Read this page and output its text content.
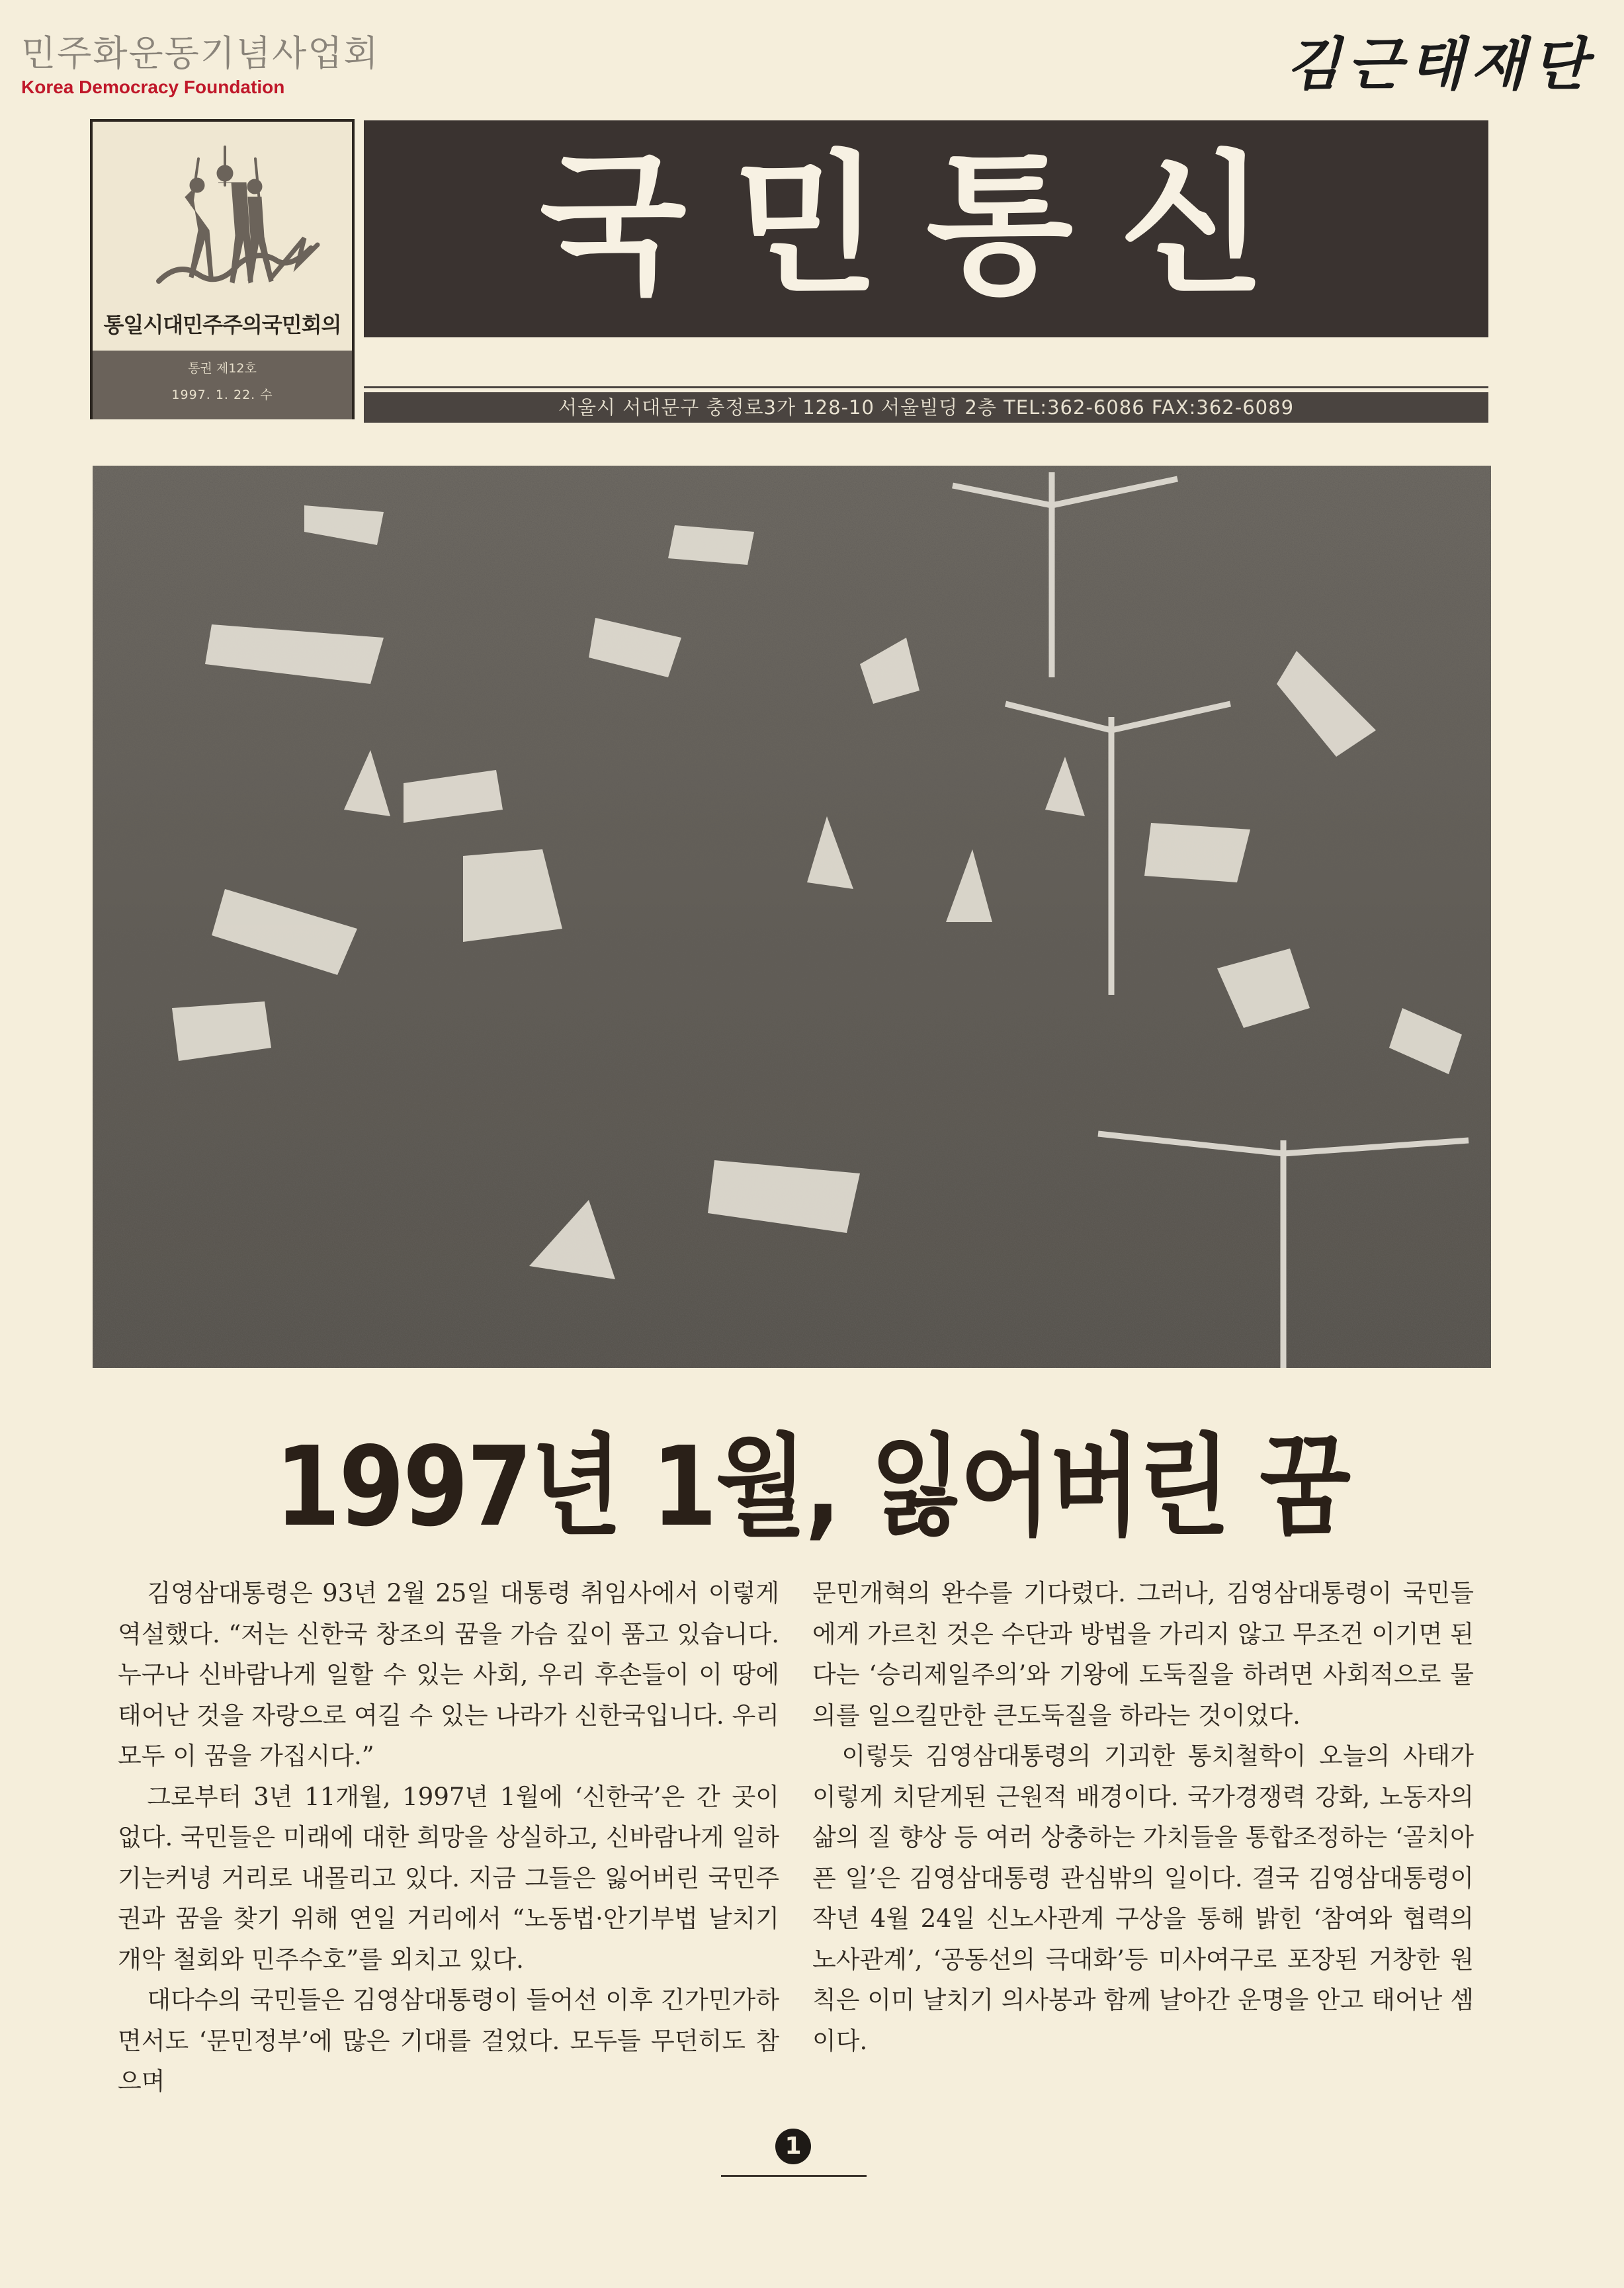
민주화운동기념사업회
Korea Democracy Foundation	김근태재단
통일시대민주주의국민회의
통권 제12호
1997. 1. 22. 수
국민통신
서울시 서대문구 충정로3가 128-10 서울빌딩 2층 TEL:362-6086 FAX:362-6089
1997년 1월, 잃어버린 꿈

김영삼대통령은 93년 2월 25일 대통령 취임사에서 이렇게 역설했다. “저는 신한국 창조의 꿈을 가슴 깊이 품고 있습니다. 누구나 신바람나게 일할 수 있는 사회, 우리 후손들이 이 땅에 태어난 것을 자랑으로 여길 수 있는 나라가 신한국입니다. 우리 모두 이 꿈을 가집시다.”

그로부터 3년 11개월, 1997년 1월에 ‘신한국’은 간 곳이 없다. 국민들은 미래에 대한 희망을 상실하고, 신바람나게 일하기는커녕 거리로 내몰리고 있다. 지금 그들은 잃어버린 국민주권과 꿈을 찾기 위해 연일 거리에서 “노동법·안기부법 날치기 개악 철회와 민주수호”를 외치고 있다.

대다수의 국민들은 김영삼대통령이 들어선 이후 긴가민가하면서도 ‘문민정부’에 많은 기대를 걸었다. 모두들 무던히도 참으며

문민개혁의 완수를 기다렸다. 그러나, 김영삼대통령이 국민들에게 가르친 것은 수단과 방법을 가리지 않고 무조건 이기면 된다는 ‘승리제일주의’와 기왕에 도둑질을 하려면 사회적으로 물의를 일으킬만한 큰도둑질을 하라는 것이었다.

이렇듯 김영삼대통령의 기괴한 통치철학이 오늘의 사태가 이렇게 치닫게된 근원적 배경이다. 국가경쟁력 강화, 노동자의 삶의 질 향상 등 여러 상충하는 가치들을 통합조정하는 ‘골치아픈 일’은 김영삼대통령 관심밖의 일이다. 결국 김영삼대통령이 작년 4월 24일 신노사관계 구상을 통해 밝힌 ‘참여와 협력의 노사관계’, ‘공동선의 극대화’등 미사여구로 포장된 거창한 원칙은 이미 날치기 의사봉과 함께 날아간 운명을 안고 태어난 셈이다.

1
